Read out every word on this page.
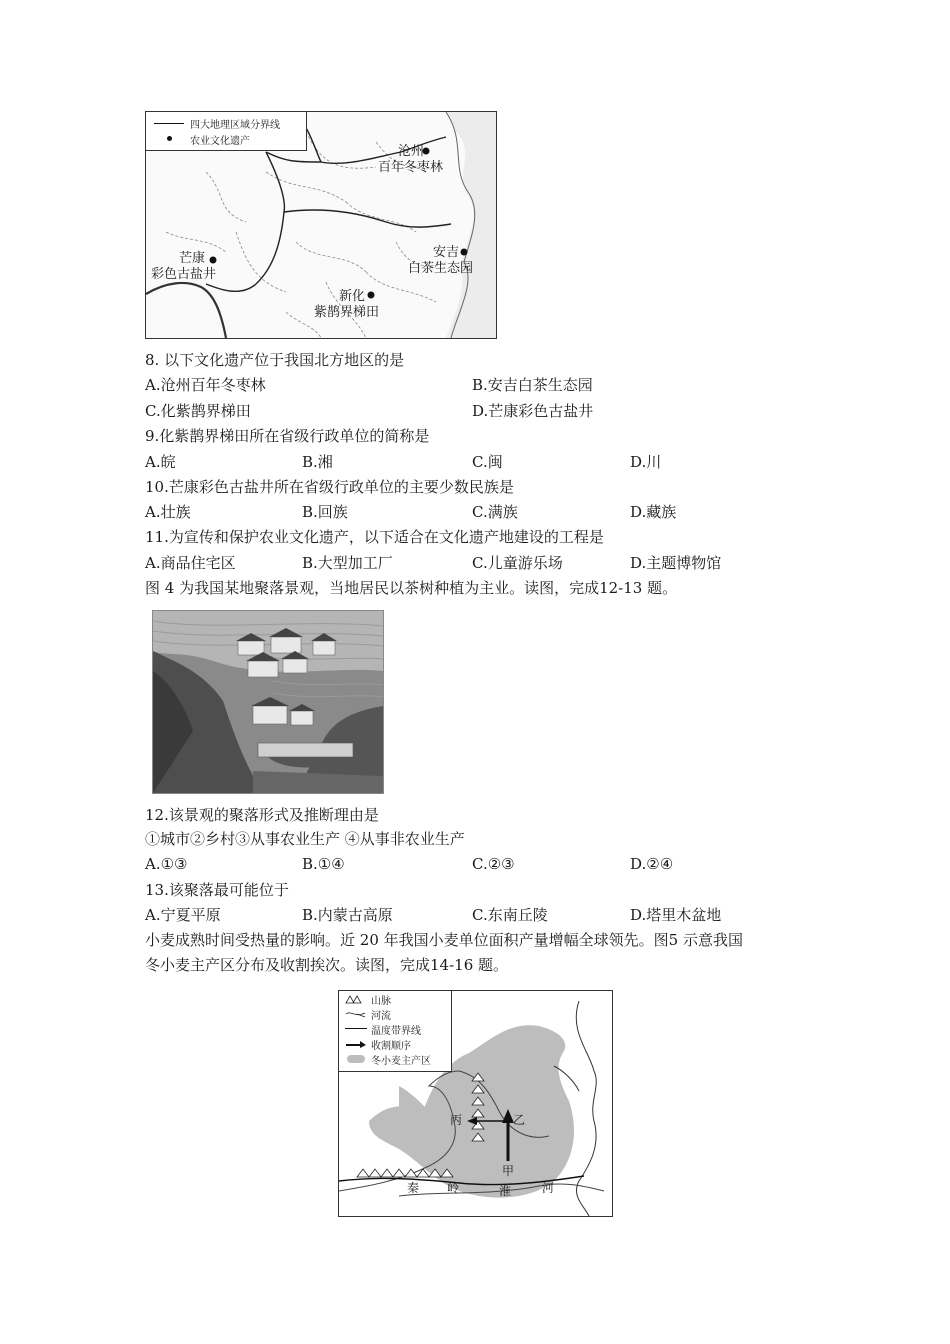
四大地理区域分界线
农业文化遗产
沧州
百年冬枣林
安吉
白茶生态园
芒康
彩色古盐井
新化
紫鹊界梯田
8. 以下文化遗产位于我国北方地区的是
A.沧州百年冬枣林	B.安吉白茶生态园
C.化紫鹊界梯田	D.芒康彩色古盐井
9.化紫鹊界梯田所在省级行政单位的简称是
A.皖	B.湘	C.闽	D.川
10.芒康彩色古盐井所在省级行政单位的主要少数民族是
A.壮族	B.回族	C.满族	D.藏族
11.为宣传和保护农业文化遗产，以下适合在文化遗产地建设的工程是
A.商品住宅区	B.大型加工厂	C.儿童游乐场	D.主题博物馆
图 4 为我国某地聚落景观，当地居民以茶树种植为主业。读图，完成12-13 题。
12.该景观的聚落形式及推断理由是
①城市②乡村③从事农业生产 ④从事非农业生产
A.①③	B.①④	C.②③	D.②④
13.该聚落最可能位于
A.宁夏平原	B.内蒙古高原	C.东南丘陵	D.塔里木盆地
小麦成熟时间受热量的影响。近 20 年我国小麦单位面积产量增幅全球领先。图5 示意我国
冬小麦主产区分布及收割挨次。读图，完成14-16 题。
山脉
河流
温度带界线
收割顺序
冬小麦主产区
丙	乙
甲
秦 岭	淮	河
